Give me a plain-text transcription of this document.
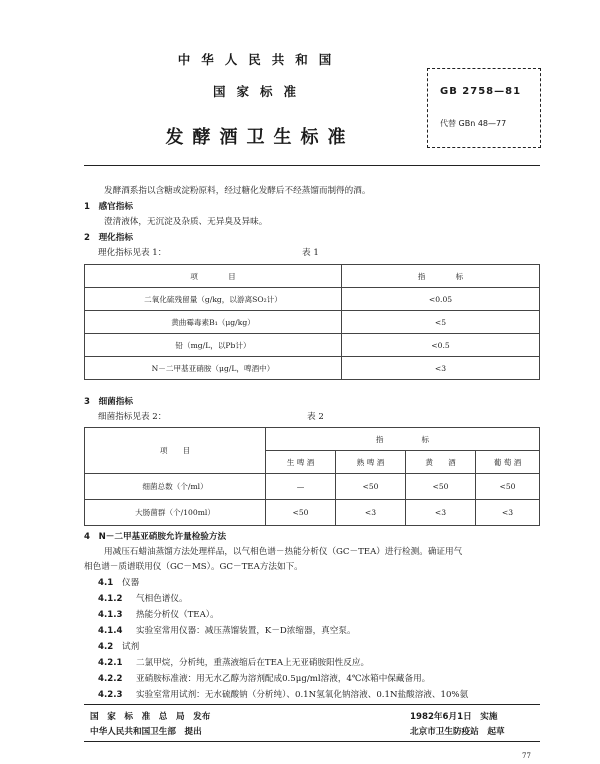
中华人民共和国
国家标准
发酵酒卫生标准
GB 2758—81
代替 GBn 48—77
发酵酒系指以含糖或淀粉原料，经过糖化发酵后不经蒸馏而制得的酒。
1　感官指标
澄清液体，无沉淀及杂质、无异臭及异味。
2　理化指标
理化指标见表 1：	表 1
项　　　　目	指　　　　标
二氧化硫残留量（g/kg，以游离SO₂计）	<0.05
黄曲霉毒素B₁（μg/kg）	<5
铅（mg/L，以Pb计）	<0.5
N－二甲基亚硝胺（μg/L，啤酒中）	<3
3　细菌指标
细菌指标见表 2：	表 2
项　　目	指　　　　　标			
	生 啤 酒	熟 啤 酒	黄　　酒	葡 萄 酒
细菌总数（个/ml）	—	<50	<50	<50
大肠菌群（个/100ml）	<50	<3	<3	<3
4　N－二甲基亚硝胺允许量检验方法
用减压石蜡油蒸馏方法处理样品，以气相色谱－热能分析仪（GC－TEA）进行检测。确证用气
相色谱－质谱联用仪（GC－MS）。GC－TEA方法如下。
4.1 仪器
4.1.2 气相色谱仪。
4.1.3 热能分析仪（TEA）。
4.1.4 实验室常用仪器：减压蒸馏装置，K－D浓缩器，真空泵。
4.2 试剂
4.2.1 二氯甲烷，分析纯，重蒸液缩后在TEA上无亚硝胺阳性反应。
4.2.2 亚硝胺标准液：用无水乙醇为溶剂配成0.5μg/ml溶液，4℃冰箱中保藏备用。
4.2.3 实验室常用试剂：无水硫酸钠（分析纯）、0.1N氢氧化钠溶液、0.1N盐酸溶液、10%氨
国　家　标　准　总　局　发布
中华人民共和国卫生部　提出
1982年6月1日　实施
北京市卫生防疫站　起草
77
